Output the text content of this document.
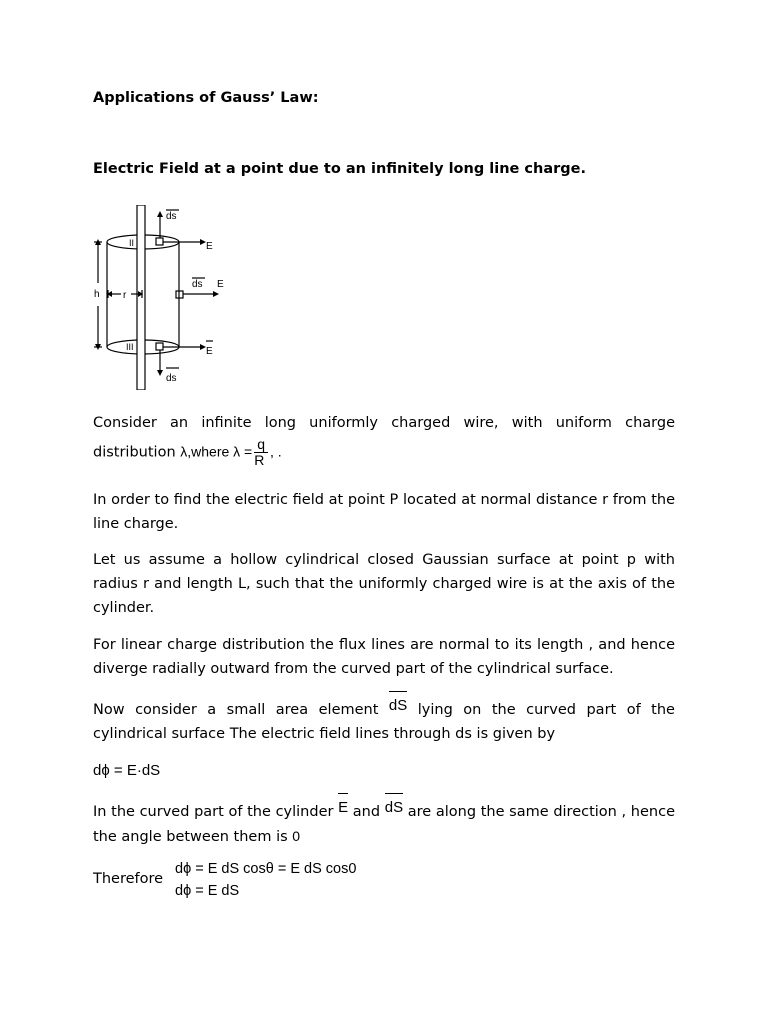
Applications of Gauss’ Law:
Electric Field at a point due to an infinitely long line charge.
ds
E
II
h r
ds E
III	E
ds
Consider an infinite long uniformly charged wire, with uniform charge
distribution λ,where $\lambda = \frac{q}{R}$ , .
In order to find the electric field at point P located at normal distance r from the line charge.
Let us assume a hollow cylindrical closed Gaussian surface at point p with radius r and length L, such that the uniformly charged wire is at the axis of the cylinder.
For linear charge distribution the flux lines are normal to its length , and hence diverge radially outward from the curved part of the cylindrical surface.
Now consider a small area element dS lying on the curved part of the cylindrical surface The electric field lines through ds is given by
dϕ = E·dS
In the curved part of the cylinder E and dS are along the same direction , hence the angle between them is 0
Therefore
dϕ = E dS cosθ = E dS cos0
dϕ = E dS
